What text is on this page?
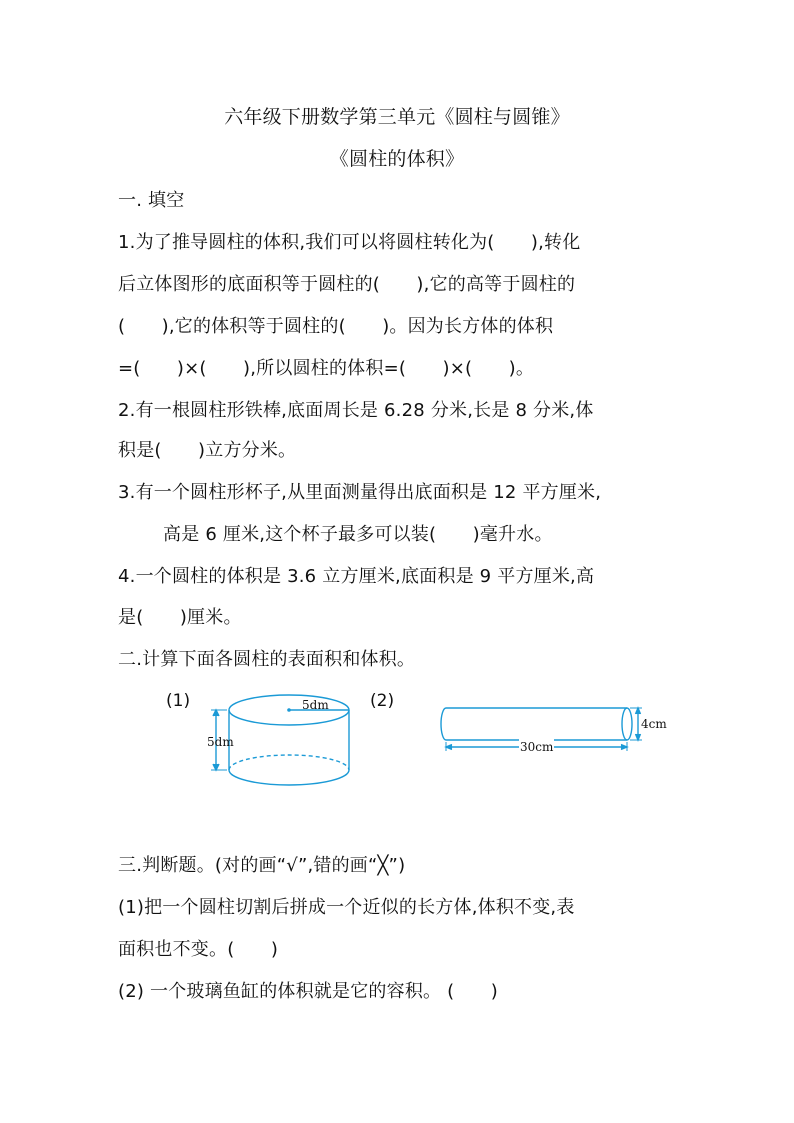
六年级下册数学第三单元《圆柱与圆锥》
《圆柱的体积》
一. 填空
1.为了推导圆柱的体积,我们可以将圆柱转化为(　　),转化
后立体图形的底面积等于圆柱的(　　),它的高等于圆柱的
(　　),它的体积等于圆柱的(　　)。因为长方体的体积
=(　　)×(　　),所以圆柱的体积=(　　)×(　　)。
2.有一根圆柱形铁棒,底面周长是 6.28 分米,长是 8 分米,体
积是(　　)立方分米。
3.有一个圆柱形杯子,从里面测量得出底面积是 12 平方厘米,
高是 6 厘米,这个杯子最多可以装(　　)毫升水。
4.一个圆柱的体积是 3.6 立方厘米,底面积是 9 平方厘米,高
是(　　)厘米。
二.计算下面各圆柱的表面积和体积。
(1)	5dm
5dm
(2)
30cm
4cm
三.判断题。(对的画“√”,错的画“╳”)
(1)把一个圆柱切割后拼成一个近似的长方体,体积不变,表
面积也不变。(　　)
(2) 一个玻璃鱼缸的体积就是它的容积。 (　　)
